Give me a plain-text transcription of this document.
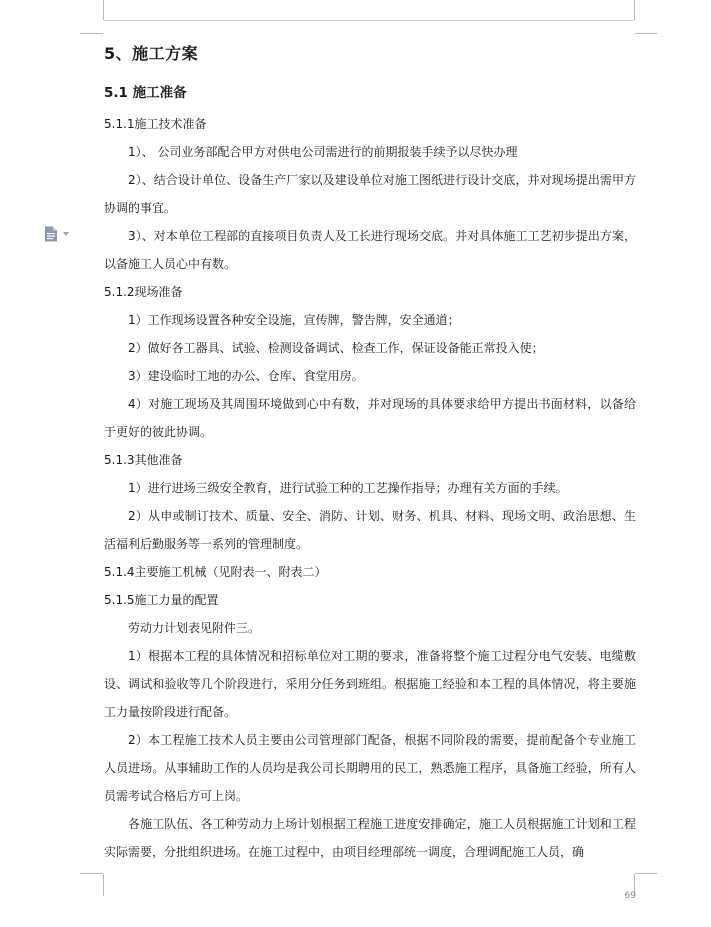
5、施工方案
5.1 施工准备
5.1.1施工技术准备
1）、 公司业务部配合甲方对供电公司需进行的前期报装手续予以尽快办理
2）、结合设计单位、设备生产厂家以及建设单位对施工图纸进行设计交底，并对现场提出需甲方协调的事宜。
3）、对本单位工程部的直接项目负责人及工长进行现场交底。并对具体施工工艺初步提出方案，以备施工人员心中有数。
5.1.2现场准备
1）工作现场设置各种安全设施，宣传牌，警告牌，安全通道；
2）做好各工器具、试验、检测设备调试、检查工作，保证设备能正常投入使；
3）建设临时工地的办公、仓库、食堂用房。
4）对施工现场及其周围环境做到心中有数，并对现场的具体要求给甲方提出书面材料，以备给于更好的彼此协调。
5.1.3其他准备
1）进行进场三级安全教育，进行试验工种的工艺操作指导；办理有关方面的手续。
2）从申或制订技术、质量、安全、消防、计划、财务、机具、材料、现场文明、政治思想、生活福利后勤服务等一系列的管理制度。
5.1.4主要施工机械（见附表一、附表二）
5.1.5施工力量的配置
劳动力计划表见附件三。
1）根据本工程的具体情况和招标单位对工期的要求，准备将整个施工过程分电气安装、电缆敷设、调试和验收等几个阶段进行，采用分任务到班组。根据施工经验和本工程的具体情况，将主要施工力量按阶段进行配备。
2）本工程施工技术人员主要由公司管理部门配备，根据不同阶段的需要，提前配备个专业施工人员进场。从事辅助工作的人员均是我公司长期聘用的民工，熟悉施工程序，具备施工经验，所有人员需考试合格后方可上岗。
各施工队伍、各工种劳动力上场计划根据工程施工进度安排确定，施工人员根据施工计划和工程实际需要，分批组织进场。在施工过程中，由项目经理部统一调度，合理调配施工人员，确
69
